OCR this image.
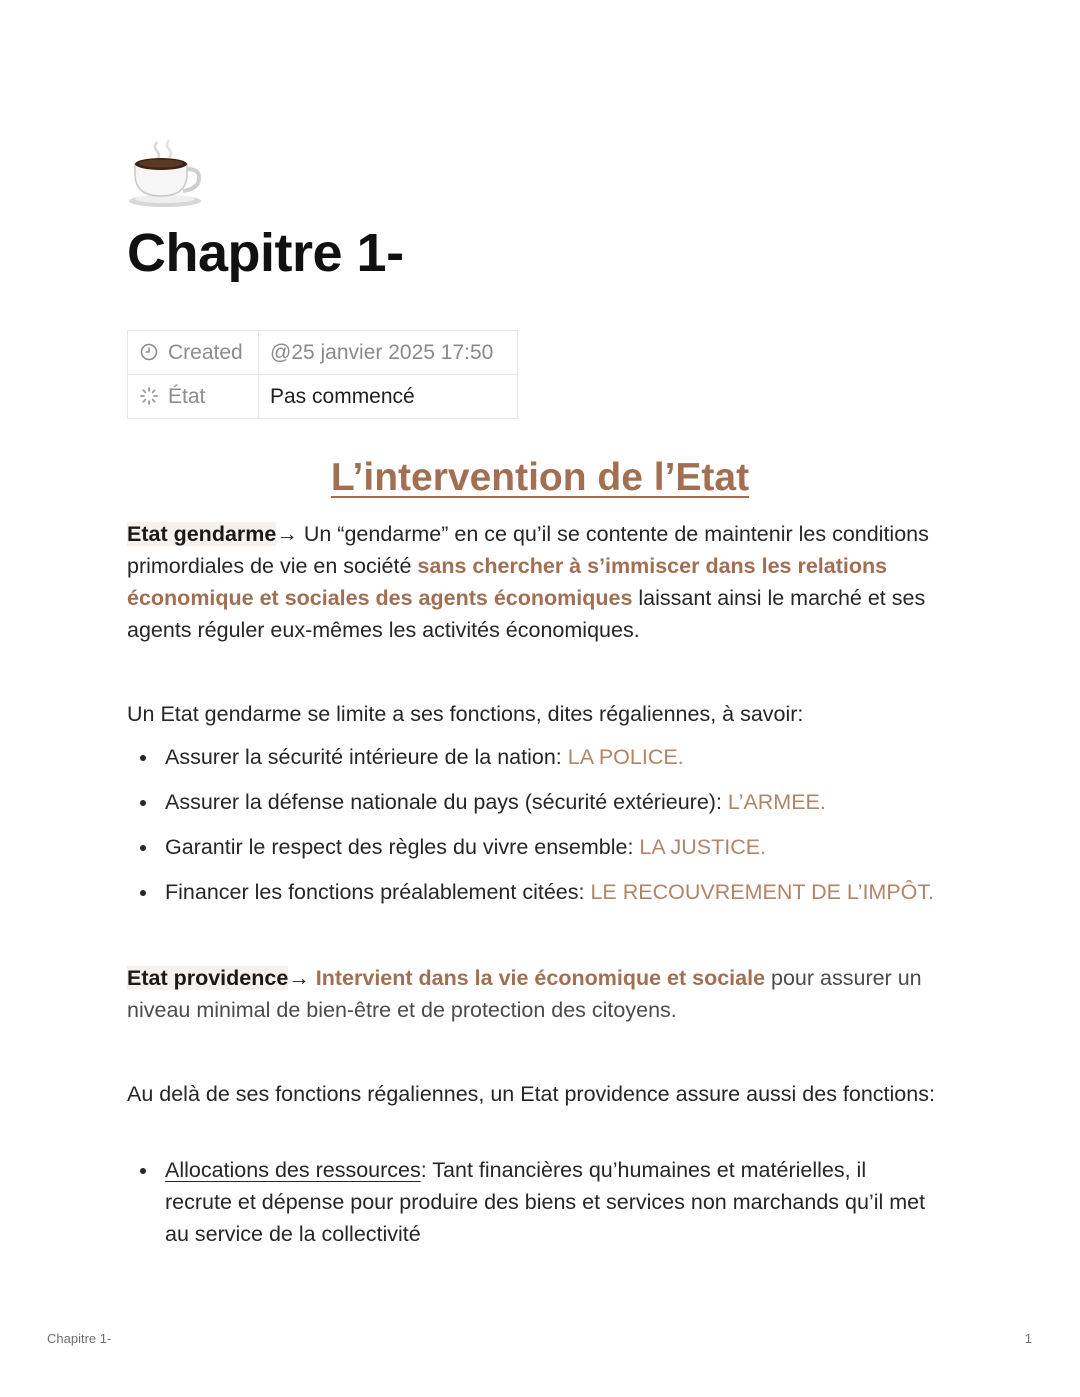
Chapitre 1-
Created	@25 janvier 2025 17:50
État	Pas commencé
L’intervention de l’Etat

Etat gendarme→ Un “gendarme” en ce qu’il se contente de maintenir les conditions primordiales de vie en société sans chercher à s’immiscer dans les relations économique et sociales des agents économiques laissant ainsi le marché et ses agents réguler eux-mêmes les activités économiques.

Un Etat gendarme se limite a ses fonctions, dites régaliennes, à savoir:

Assurer la sécurité intérieure de la nation: LA POLICE.
Assurer la défense nationale du pays (sécurité extérieure): L’ARMEE.
Garantir le respect des règles du vivre ensemble: LA JUSTICE.
Financer les fonctions préalablement citées: LE RECOUVREMENT DE L’IMPÔT.

Etat providence→ Intervient dans la vie économique et sociale pour assurer un niveau minimal de bien-être et de protection des citoyens.

Au delà de ses fonctions régaliennes, un Etat providence assure aussi des fonctions:

Allocations des ressources: Tant financières qu’humaines et matérielles, il recrute et dépense pour produire des biens et services non marchands qu’il met au service de la collectivité
Chapitre 1-	1
